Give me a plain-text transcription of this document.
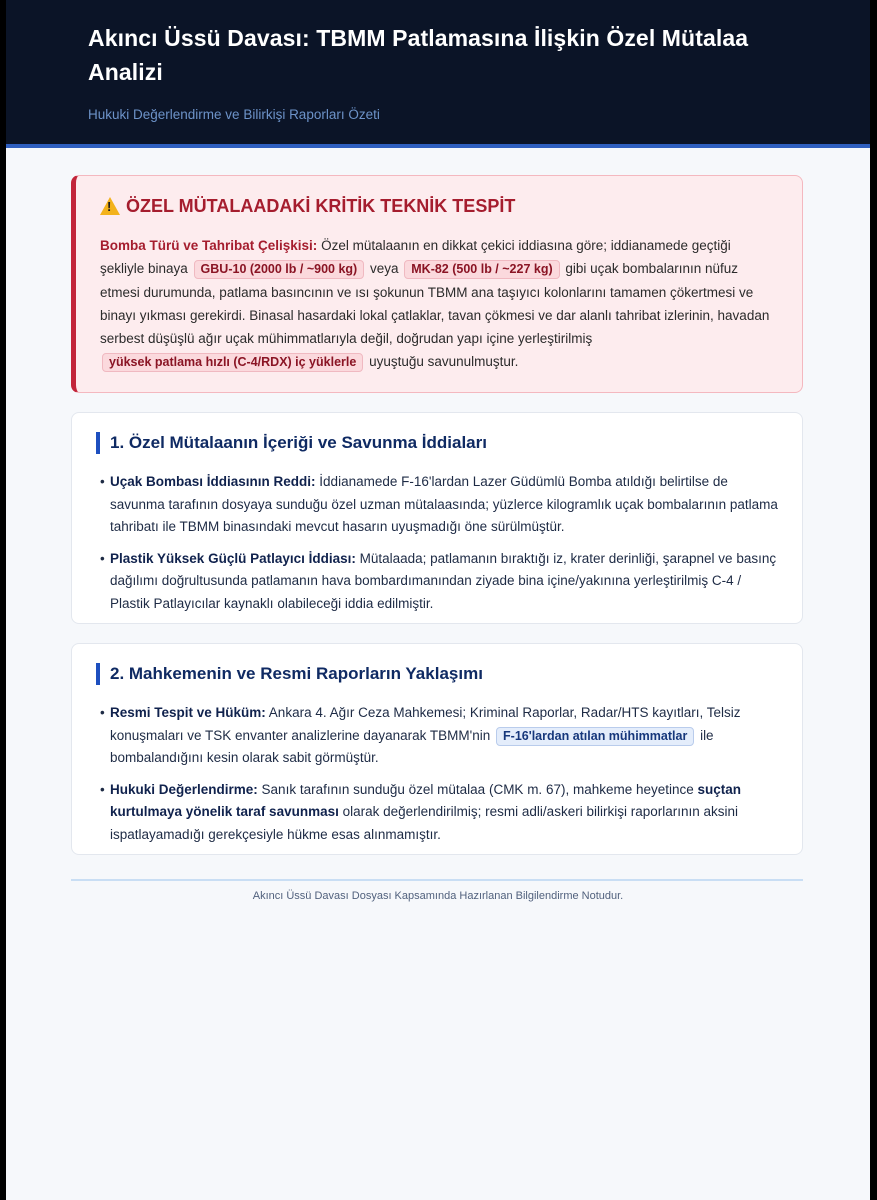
Akıncı Üssü Davası: TBMM Patlamasına İlişkin Özel Mütalaa Analizi
Hukuki Değerlendirme ve Bilirkişi Raporları Özeti
!
ÖZEL MÜTALAADAKİ KRİTİK TEKNİK TESPİT

Bomba Türü ve Tahribat Çelişkisi: Özel mütalaanın en dikkat çekici iddiasına göre; iddianamede geçtiği şekliyle binaya GBU-10 (2000 lb / ~900 kg) veya MK-82 (500 lb / ~227 kg) gibi uçak bombalarının nüfuz etmesi durumunda, patlama basıncının ve ısı şokunun TBMM ana taşıyıcı kolonlarını tamamen çökertmesi ve binayı yıkması gerekirdi. Binasal hasardaki lokal çatlaklar, tavan çökmesi ve dar alanlı tahribat izlerinin, havadan serbest düşüşlü ağır uçak mühimmatlarıyla değil, doğrudan yapı içine yerleştirilmiş yüksek patlama hızlı (C-4/RDX) iç yüklerle uyuştuğu savunulmuştur.

1. Özel Mütalaanın İçeriği ve Savunma İddiaları
• Uçak Bombası İddiasının Reddi: İddianamede F-16'lardan Lazer Güdümlü Bomba atıldığı belirtilse de savunma tarafının dosyaya sunduğu özel uzman mütalaasında; yüzlerce kilogramlık uçak bombalarının patlama tahribatı ile TBMM binasındaki mevcut hasarın uyuşmadığı öne sürülmüştür.
• Plastik Yüksek Güçlü Patlayıcı İddiası: Mütalaada; patlamanın bıraktığı iz, krater derinliği, şarapnel ve basınç dağılımı doğrultusunda patlamanın hava bombardımanından ziyade bina içine/yakınına yerleştirilmiş C-4 / Plastik Patlayıcılar kaynaklı olabileceği iddia edilmiştir.
2. Mahkemenin ve Resmi Raporların Yaklaşımı
• Resmi Tespit ve Hüküm: Ankara 4. Ağır Ceza Mahkemesi; Kriminal Raporlar, Radar/HTS kayıtları, Telsiz konuşmaları ve TSK envanter analizlerine dayanarak TBMM'nin F-16'lardan atılan mühimmatlar ile bombalandığını kesin olarak sabit görmüştür.
• Hukuki Değerlendirme: Sanık tarafının sunduğu özel mütalaa (CMK m. 67), mahkeme heyetince suçtan kurtulmaya yönelik taraf savunması olarak değerlendirilmiş; resmi adli/askeri bilirkişi raporlarının aksini ispatlayamadığı gerekçesiyle hükme esas alınmamıştır.
Akıncı Üssü Davası Dosyası Kapsamında Hazırlanan Bilgilendirme Notudur.
